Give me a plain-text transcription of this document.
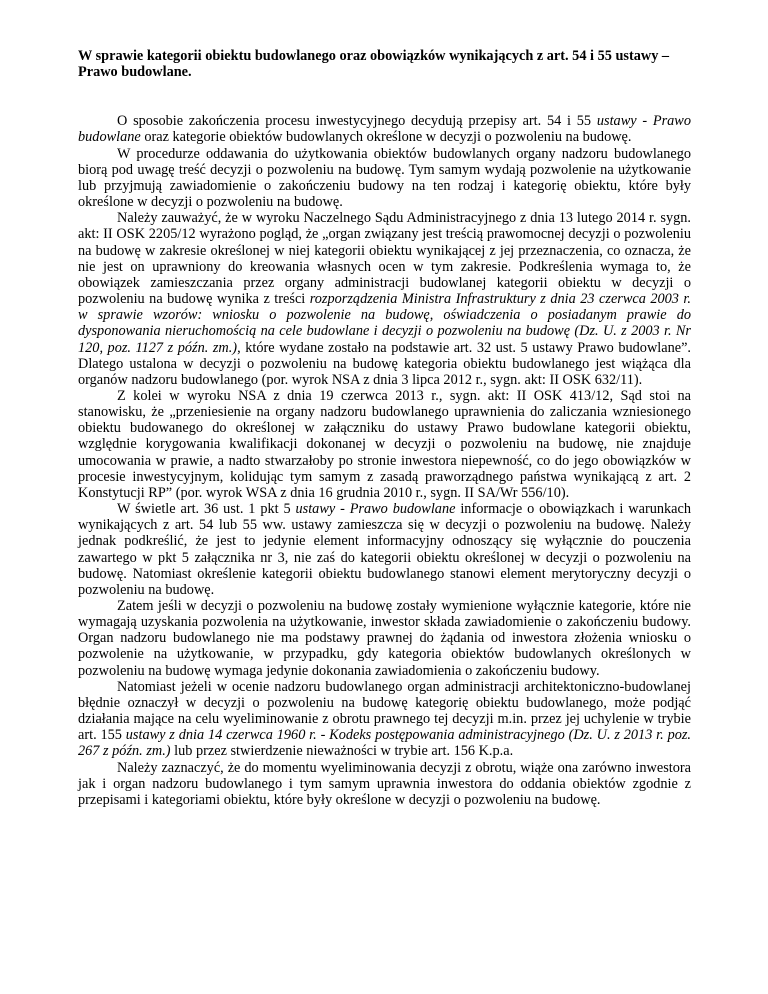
W sprawie kategorii obiektu budowlanego oraz obowiązków wynikających z art. 54 i 55 ustawy – Prawo budowlane.

O sposobie zakończenia procesu inwestycyjnego decydują przepisy art. 54 i 55 ustawy - Prawo budowlane oraz kategorie obiektów budowlanych określone w decyzji o pozwoleniu na budowę.

W procedurze oddawania do użytkowania obiektów budowlanych organy nadzoru budowlanego biorą pod uwagę treść decyzji o pozwoleniu na budowę. Tym samym wydają pozwolenie na użytkowanie lub przyjmują zawiadomienie o zakończeniu budowy na ten rodzaj i kategorię obiektu, które były określone w decyzji o pozwoleniu na budowę.

Należy zauważyć, że w wyroku Naczelnego Sądu Administracyjnego z dnia 13 lutego 2014 r. sygn. akt: II OSK 2205/12 wyrażono pogląd, że „organ związany jest treścią prawomocnej decyzji o pozwoleniu na budowę w zakresie określonej w niej kategorii obiektu wynikającej z jej przeznaczenia, co oznacza, że nie jest on uprawniony do kreowania własnych ocen w tym zakresie. Podkreślenia wymaga to, że obowiązek zamieszczania przez organy administracji budowlanej kategorii obiektu w decyzji o pozwoleniu na budowę wynika z treści rozporządzenia Ministra Infrastruktury z dnia 23 czerwca 2003 r. w sprawie wzorów: wniosku o pozwolenie na budowę, oświadczenia o posiadanym prawie do dysponowania nieruchomością na cele budowlane i decyzji o pozwoleniu na budowę (Dz. U. z 2003 r. Nr 120, poz. 1127 z późn. zm.), które wydane zostało na podstawie art. 32 ust. 5 ustawy Prawo budowlane”. Dlatego ustalona w decyzji o pozwoleniu na budowę kategoria obiektu budowlanego jest wiążąca dla organów nadzoru budowlanego (por. wyrok NSA z dnia 3 lipca 2012 r., sygn. akt: II OSK 632/11).

Z kolei w wyroku NSA z dnia 19 czerwca 2013 r., sygn. akt: II OSK 413/12, Sąd stoi na stanowisku, że „przeniesienie na organy nadzoru budowlanego uprawnienia do zaliczania wzniesionego obiektu budowanego do określonej w załączniku do ustawy Prawo budowlane kategorii obiektu, względnie korygowania kwalifikacji dokonanej w decyzji o pozwoleniu na budowę, nie znajduje umocowania w prawie, a nadto stwarzałoby po stronie inwestora niepewność, co do jego obowiązków w procesie inwestycyjnym, kolidując tym samym z zasadą praworządnego państwa wynikającą z art. 2 Konstytucji RP” (por. wyrok WSA z dnia 16 grudnia 2010 r., sygn. II SA/Wr 556/10).

W świetle art. 36 ust. 1 pkt 5 ustawy - Prawo budowlane informacje o obowiązkach i warunkach wynikających z art. 54 lub 55 ww. ustawy zamieszcza się w decyzji o pozwoleniu na budowę. Należy jednak podkreślić, że jest to jedynie element informacyjny odnoszący się wyłącznie do pouczenia zawartego w pkt 5 załącznika nr 3, nie zaś do kategorii obiektu określonej w decyzji o pozwoleniu na budowę. Natomiast określenie kategorii obiektu budowlanego stanowi element merytoryczny decyzji o pozwoleniu na budowę.

Zatem jeśli w decyzji o pozwoleniu na budowę zostały wymienione wyłącznie kategorie, które nie wymagają uzyskania pozwolenia na użytkowanie, inwestor składa zawiadomienie o zakończeniu budowy. Organ nadzoru budowlanego nie ma podstawy prawnej do żądania od inwestora złożenia wniosku o pozwolenie na użytkowanie, w przypadku, gdy kategoria obiektów budowlanych określonych w pozwoleniu na budowę wymaga jedynie dokonania zawiadomienia o zakończeniu budowy.

Natomiast jeżeli w ocenie nadzoru budowlanego organ administracji architektoniczno-budowlanej błędnie oznaczył w decyzji o pozwoleniu na budowę kategorię obiektu budowlanego, może podjąć działania mające na celu wyeliminowanie z obrotu prawnego tej decyzji m.in. przez jej uchylenie w trybie art. 155 ustawy z dnia 14 czerwca 1960 r. - Kodeks postępowania administracyjnego (Dz. U. z 2013 r. poz. 267 z późn. zm.) lub przez stwierdzenie nieważności w trybie art. 156 K.p.a.

Należy zaznaczyć, że do momentu wyeliminowania decyzji z obrotu, wiąże ona zarówno inwestora jak i organ nadzoru budowlanego i tym samym uprawnia inwestora do oddania obiektów zgodnie z przepisami i kategoriami obiektu, które były określone w decyzji o pozwoleniu na budowę.
